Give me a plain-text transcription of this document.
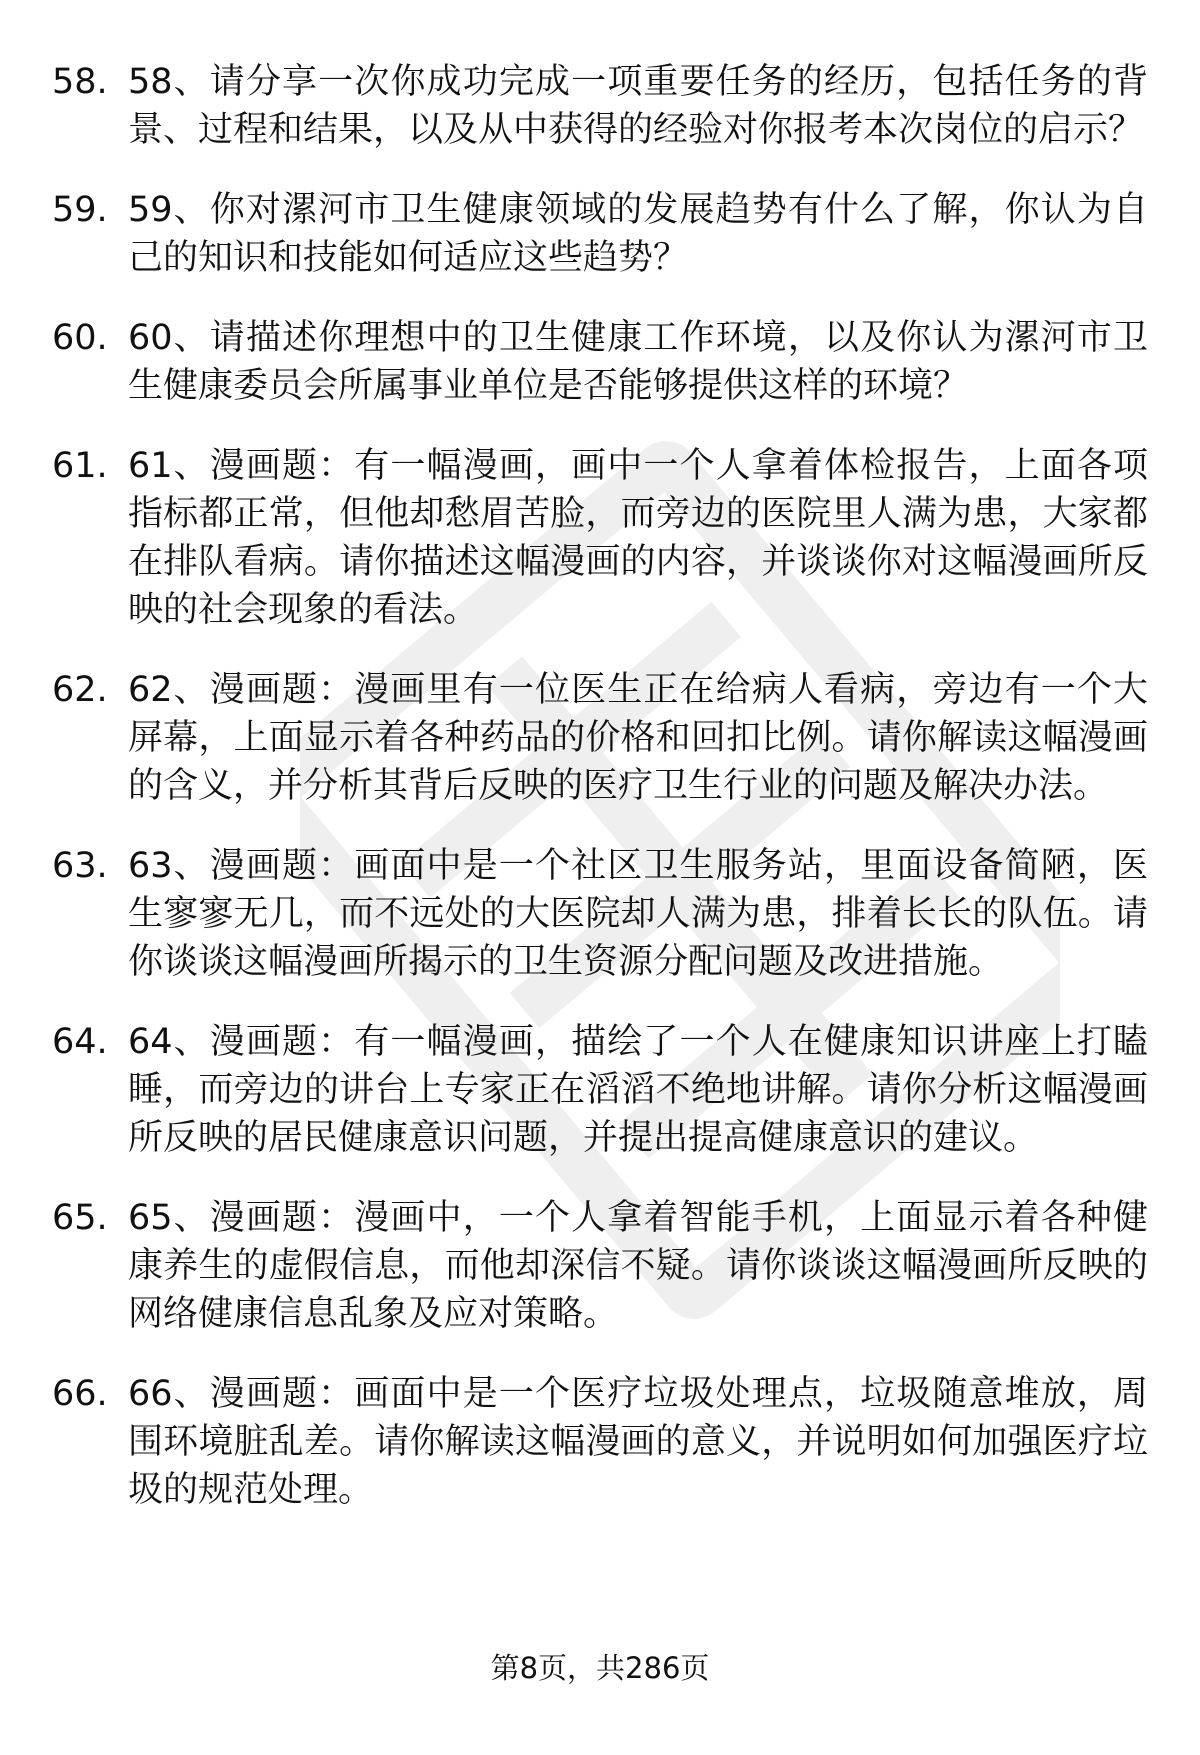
58. 58、请分享一次你成功完成一项重要任务的经历，包括任务的背景、过程和结果，以及从中获得的经验对你报考本次岗位的启示？
59. 59、你对漯河市卫生健康领域的发展趋势有什么了解，你认为自己的知识和技能如何适应这些趋势？
60. 60、请描述你理想中的卫生健康工作环境，以及你认为漯河市卫生健康委员会所属事业单位是否能够提供这样的环境？
61. 61、漫画题：有一幅漫画，画中一个人拿着体检报告，上面各项指标都正常，但他却愁眉苦脸，而旁边的医院里人满为患，大家都在排队看病。请你描述这幅漫画的内容，并谈谈你对这幅漫画所反映的社会现象的看法。
62. 62、漫画题：漫画里有一位医生正在给病人看病，旁边有一个大屏幕，上面显示着各种药品的价格和回扣比例。请你解读这幅漫画的含义，并分析其背后反映的医疗卫生行业的问题及解决办法。
63. 63、漫画题：画面中是一个社区卫生服务站，里面设备简陋，医生寥寥无几，而不远处的大医院却人满为患，排着长长的队伍。请你谈谈这幅漫画所揭示的卫生资源分配问题及改进措施。
64. 64、漫画题：有一幅漫画，描绘了一个人在健康知识讲座上打瞌睡，而旁边的讲台上专家正在滔滔不绝地讲解。请你分析这幅漫画所反映的居民健康意识问题，并提出提高健康意识的建议。
65. 65、漫画题：漫画中，一个人拿着智能手机，上面显示着各种健康养生的虚假信息，而他却深信不疑。请你谈谈这幅漫画所反映的网络健康信息乱象及应对策略。
66. 66、漫画题：画面中是一个医疗垃圾处理点，垃圾随意堆放，周围环境脏乱差。请你解读这幅漫画的意义，并说明如何加强医疗垃圾的规范处理。
第8页，共286页
